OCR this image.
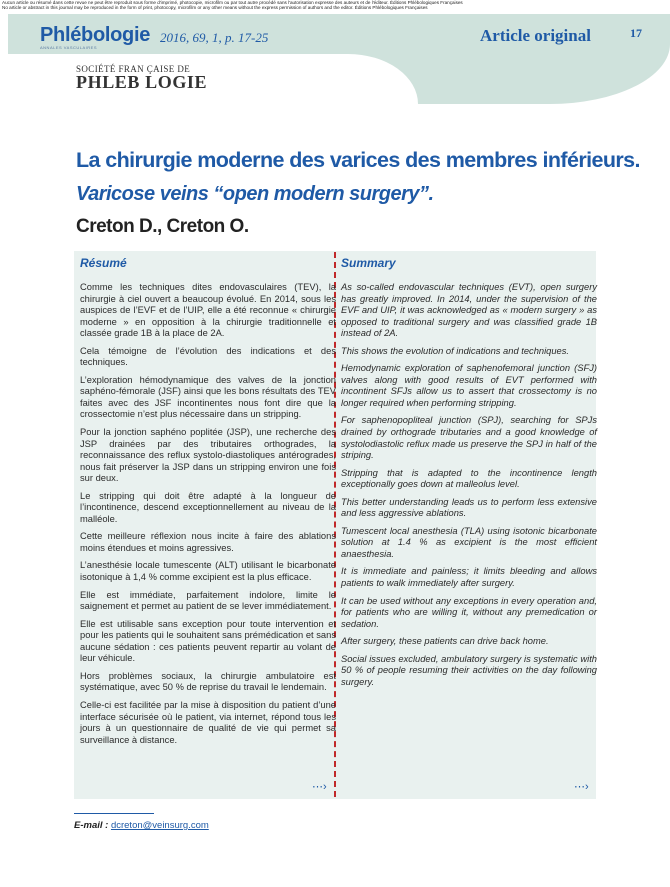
Aucun article ou résumé dans cette revue ne peut être reproduit sous forme d'imprimé, photocopie, microfilm ou par tout autre procédé sans l'autorisation expresse des auteurs et de l'éditeur. Éditions Phlébologiques Françaises
No article or abstract in this journal may be reproduced in the form of print, photocopy, microfilm or any other means without the express permission of authors and the editor. Éditions Phlébologiques Françaises
Phlébologie
ANNALES VASCULAIRES
2016, 69, 1, p. 17-25	Article original	17
SOCIÉTÉ FRAN ÇAISE DE
PHLEB LOGIE
La chirurgie moderne des varices des membres inférieurs.
Varicose veins “open modern surgery”.
Creton D., Creton O.
Résumé

Comme les techniques dites endovasculaires (TEV), la chirurgie à ciel ouvert a beaucoup évolué. En 2014, sous les auspices de l’EVF et de l’UIP, elle a été reconnue « chirurgie moderne » en opposition à la chirurgie traditionnelle et classée grade 1B à la place de 2A.

Cela témoigne de l’évolution des indications et des techniques.

L’exploration hémodynamique des valves de la jonction saphéno-fémorale (JSF) ainsi que les bons résultats des TEV faites avec des JSF incontinentes nous font dire que la crossectomie n’est plus nécessaire dans un stripping.

Pour la jonction saphéno poplitée (JSP), une recherche des JSP drainées par des tributaires orthogrades, la reconnaissance des reflux systolo-diastoliques antérogrades, nous fait préserver la JSP dans un stripping environ une fois sur deux.

Le stripping qui doit être adapté à la longueur de l’incontinence, descend exceptionnellement au niveau de la malléole.

Cette meilleure réflexion nous incite à faire des ablations moins étendues et moins agressives.

L’anesthésie locale tumescente (ALT) utilisant le bicarbonate isotonique à 1,4 % comme excipient est la plus efficace.

Elle est immédiate, parfaitement indolore, limite le saignement et permet au patient de se lever immédiatement.

Elle est utilisable sans exception pour toute intervention et pour les patients qui le souhaitent sans prémédication et sans aucune sédation : ces patients peuvent repartir au volant de leur véhicule.

Hors problèmes sociaux, la chirurgie ambulatoire est systématique, avec 50 % de reprise du travail le lendemain.

Celle-ci est facilitée par la mise à disposition du patient d’une interface sécurisée où le patient, via internet, répond tous les jours à un questionnaire de qualité de vie qui permet sa surveillance à distance.

Summary

As so-called endovascular techniques (EVT), open surgery has greatly improved. In 2014, under the supervision of the EVF and UIP, it was acknowledged as « modern surgery » as opposed to traditional surgery and was classified grade 1B instead of 2A.

This shows the evolution of indications and techniques.

Hemodynamic exploration of saphenofemoral junction (SFJ) valves along with good results of EVT performed with incontinent SFJs allow us to assert that crossectomy is no longer required when performing stripping.

For saphenopopliteal junction (SPJ), searching for SPJs drained by orthograde tributaries and a good knowledge of systolodiastolic reflux made us preserve the SPJ in half of the striping.

Stripping that is adapted to the incontinence length exceptionally goes down at malleolus level.

This better understanding leads us to perform less extensive and less aggressive ablations.

Tumescent local anesthesia (TLA) using isotonic bicarbonate solution at 1.4 % as excipient is the most efficient anaesthesia.

It is immediate and painless; it limits bleeding and allows patients to walk immediately after surgery.

It can be used without any exceptions in every operation and, for patients who are willing it, without any premedication or sedation.

After surgery, these patients can drive back home.

Social issues excluded, ambulatory surgery is systematic with 50 % of people resuming their activities on the day following surgery.

⋯›	⋯›
E-mail : dcreton@veinsurg.com
